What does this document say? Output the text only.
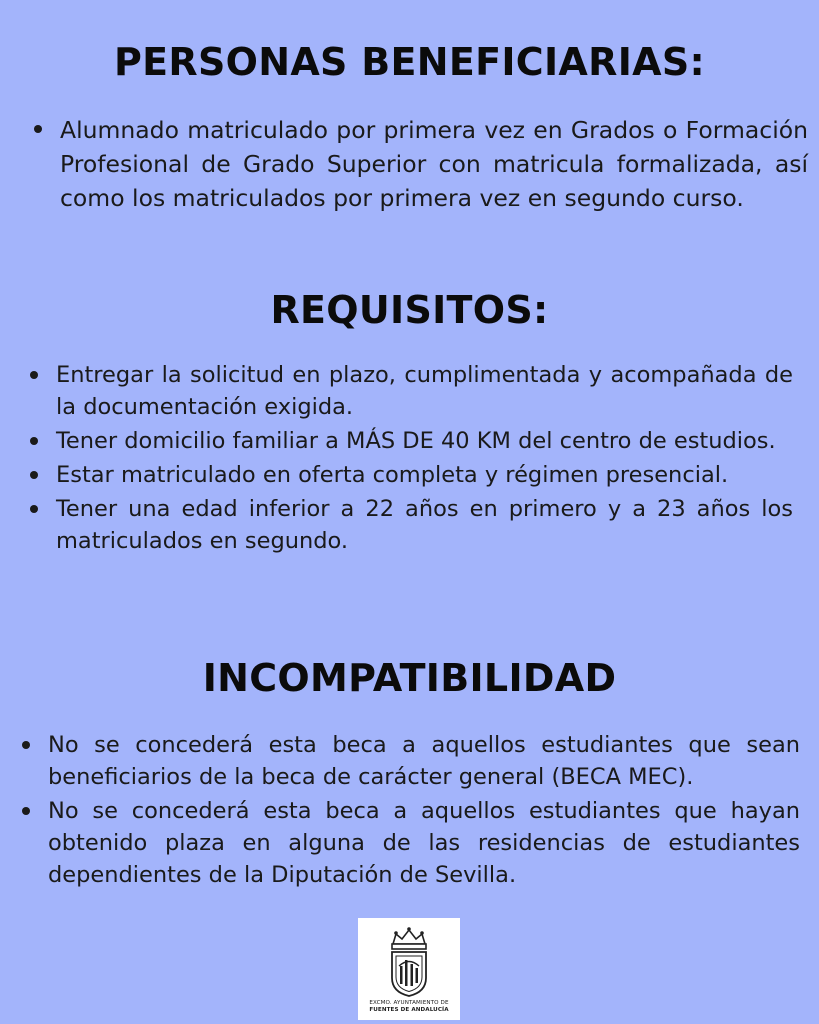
PERSONAS BENEFICIARIAS:
Alumnado matriculado por primera vez en Grados o Formación Profesional de Grado Superior con matricula formalizada, así como los matriculados por primera vez en segundo curso.
REQUISITOS:
Entregar la solicitud en plazo, cumplimentada y acompañada de la documentación exigida.
Tener domicilio familiar a MÁS DE 40 KM del centro de estudios.
Estar matriculado en oferta completa y régimen presencial.
Tener una edad inferior a 22 años en primero y a 23 años los matriculados en segundo.
INCOMPATIBILIDAD
No se concederá esta beca a aquellos estudiantes que sean beneficiarios de la beca de carácter general (BECA MEC).
No se concederá esta beca a aquellos estudiantes que hayan obtenido plaza en alguna de las residencias de estudiantes dependientes de la Diputación de Sevilla.
EXCMO. AYUNTAMIENTO DE
FUENTES DE ANDALUCÍA
